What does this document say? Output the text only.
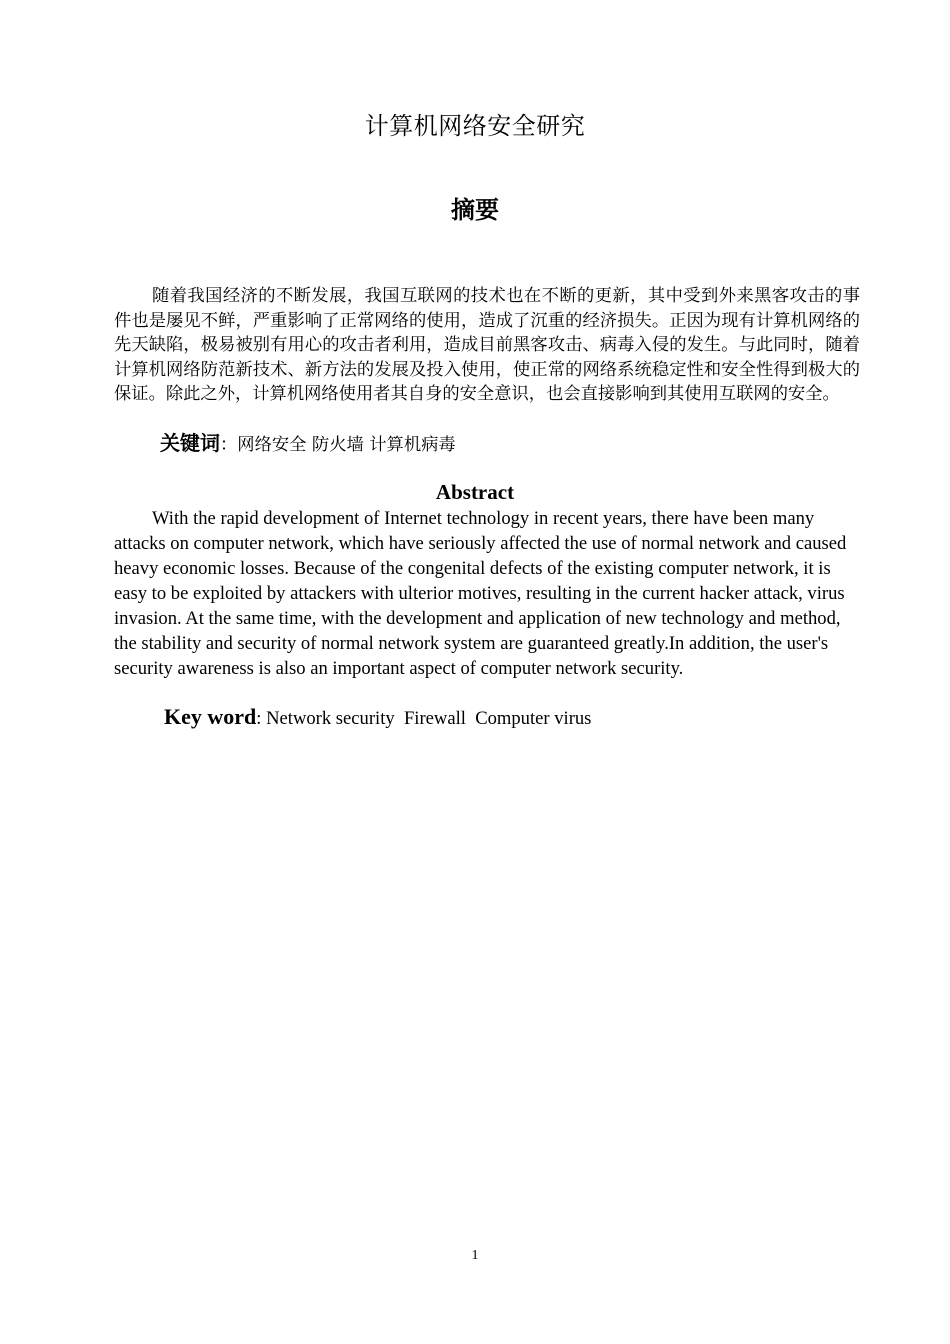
计算机网络安全研究
摘要

随着我国经济的不断发展，我国互联网的技术也在不断的更新，其中受到外来黑客攻击的事件也是屡见不鲜，严重影响了正常网络的使用，造成了沉重的经济损失。正因为现有计算机网络的先天缺陷，极易被别有用心的攻击者利用，造成目前黑客攻击、病毒入侵的发生。与此同时，随着计算机网络防范新技术、新方法的发展及投入使用，使正常的网络系统稳定性和安全性得到极大的保证。除此之外，计算机网络使用者其自身的安全意识，也会直接影响到其使用互联网的安全。

关键词：网络安全 防火墙 计算机病毒
Abstract

With the rapid development of Internet technology in recent years, there have been many attacks on computer network, which have seriously affected the use of normal network and caused heavy economic losses. Because of the congenital defects of the existing computer network, it is easy to be exploited by attackers with ulterior motives, resulting in the current hacker attack, virus invasion. At the same time, with the development and application of new technology and method, the stability and security of normal network system are guaranteed greatly.In addition, the user's security awareness is also an important aspect of computer network security.

Key word: Network security  Firewall  Computer virus
1
